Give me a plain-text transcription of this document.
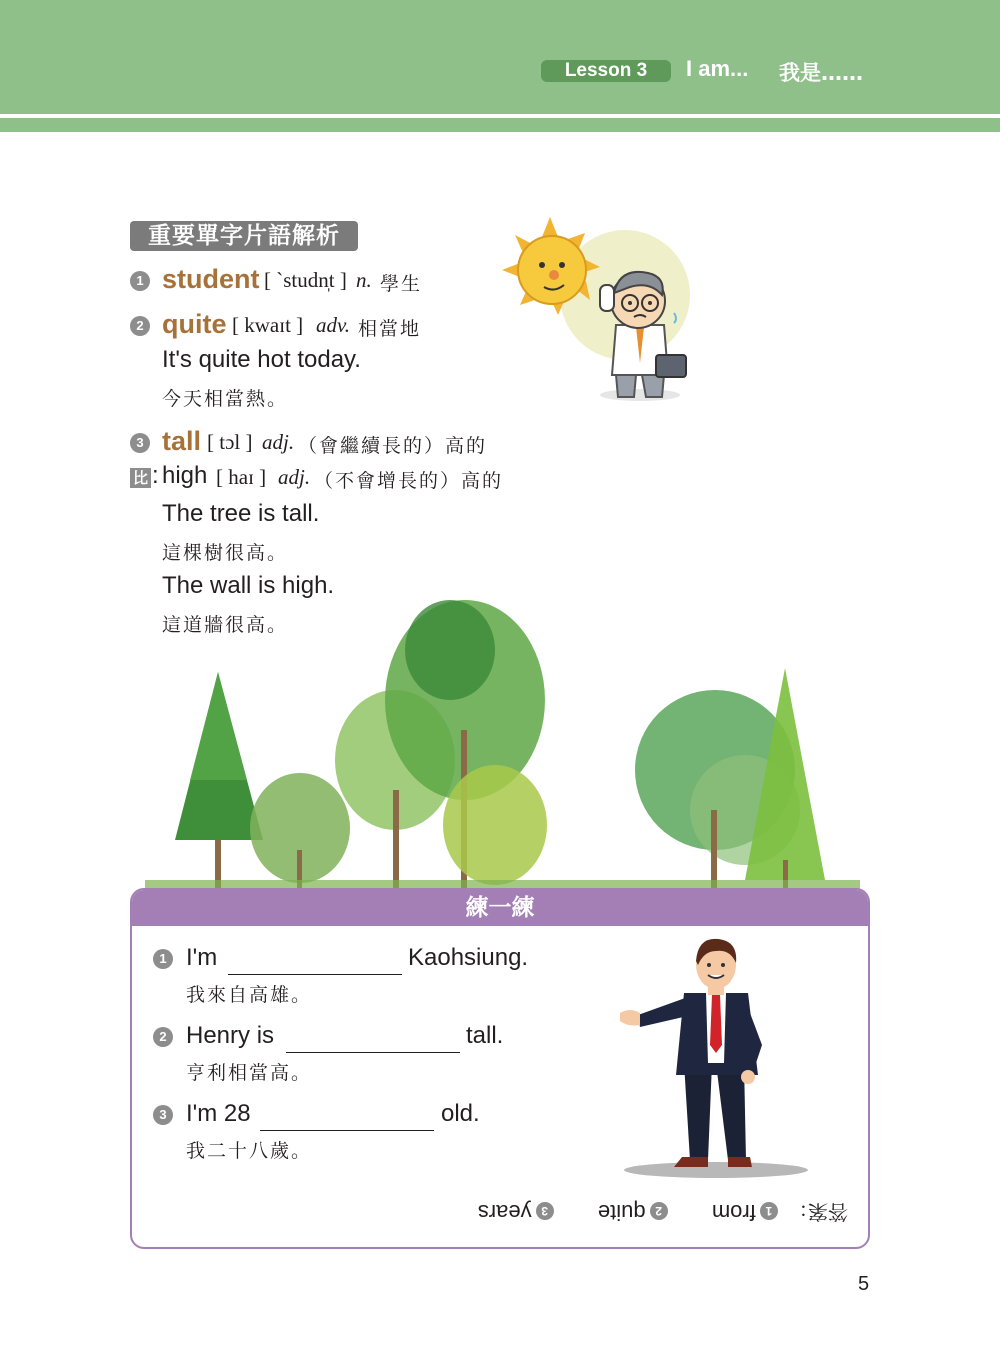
Lesson 3	I am... 我是……
重要單字片語解析
1 student [ ˋstudn̩t ] n. 學生
2 quite [ kwaɪt ] adv. 相當地
It's quite hot today.
今天相當熱。
3 tall [ tɔl ] adj. （會繼續長的）高的
比 : high [ haɪ ] adj. （不會增長的）高的
The tree is tall.
這棵樹很高。
The wall is high.
這道牆很高。
練一練
1 I'm	Kaohsiung.
我來自高雄。
2 Henry is	tall.
亨利相當高。
3 I'm 28	old.
我二十八歲。
答案： 1from  2quite  3years
5
